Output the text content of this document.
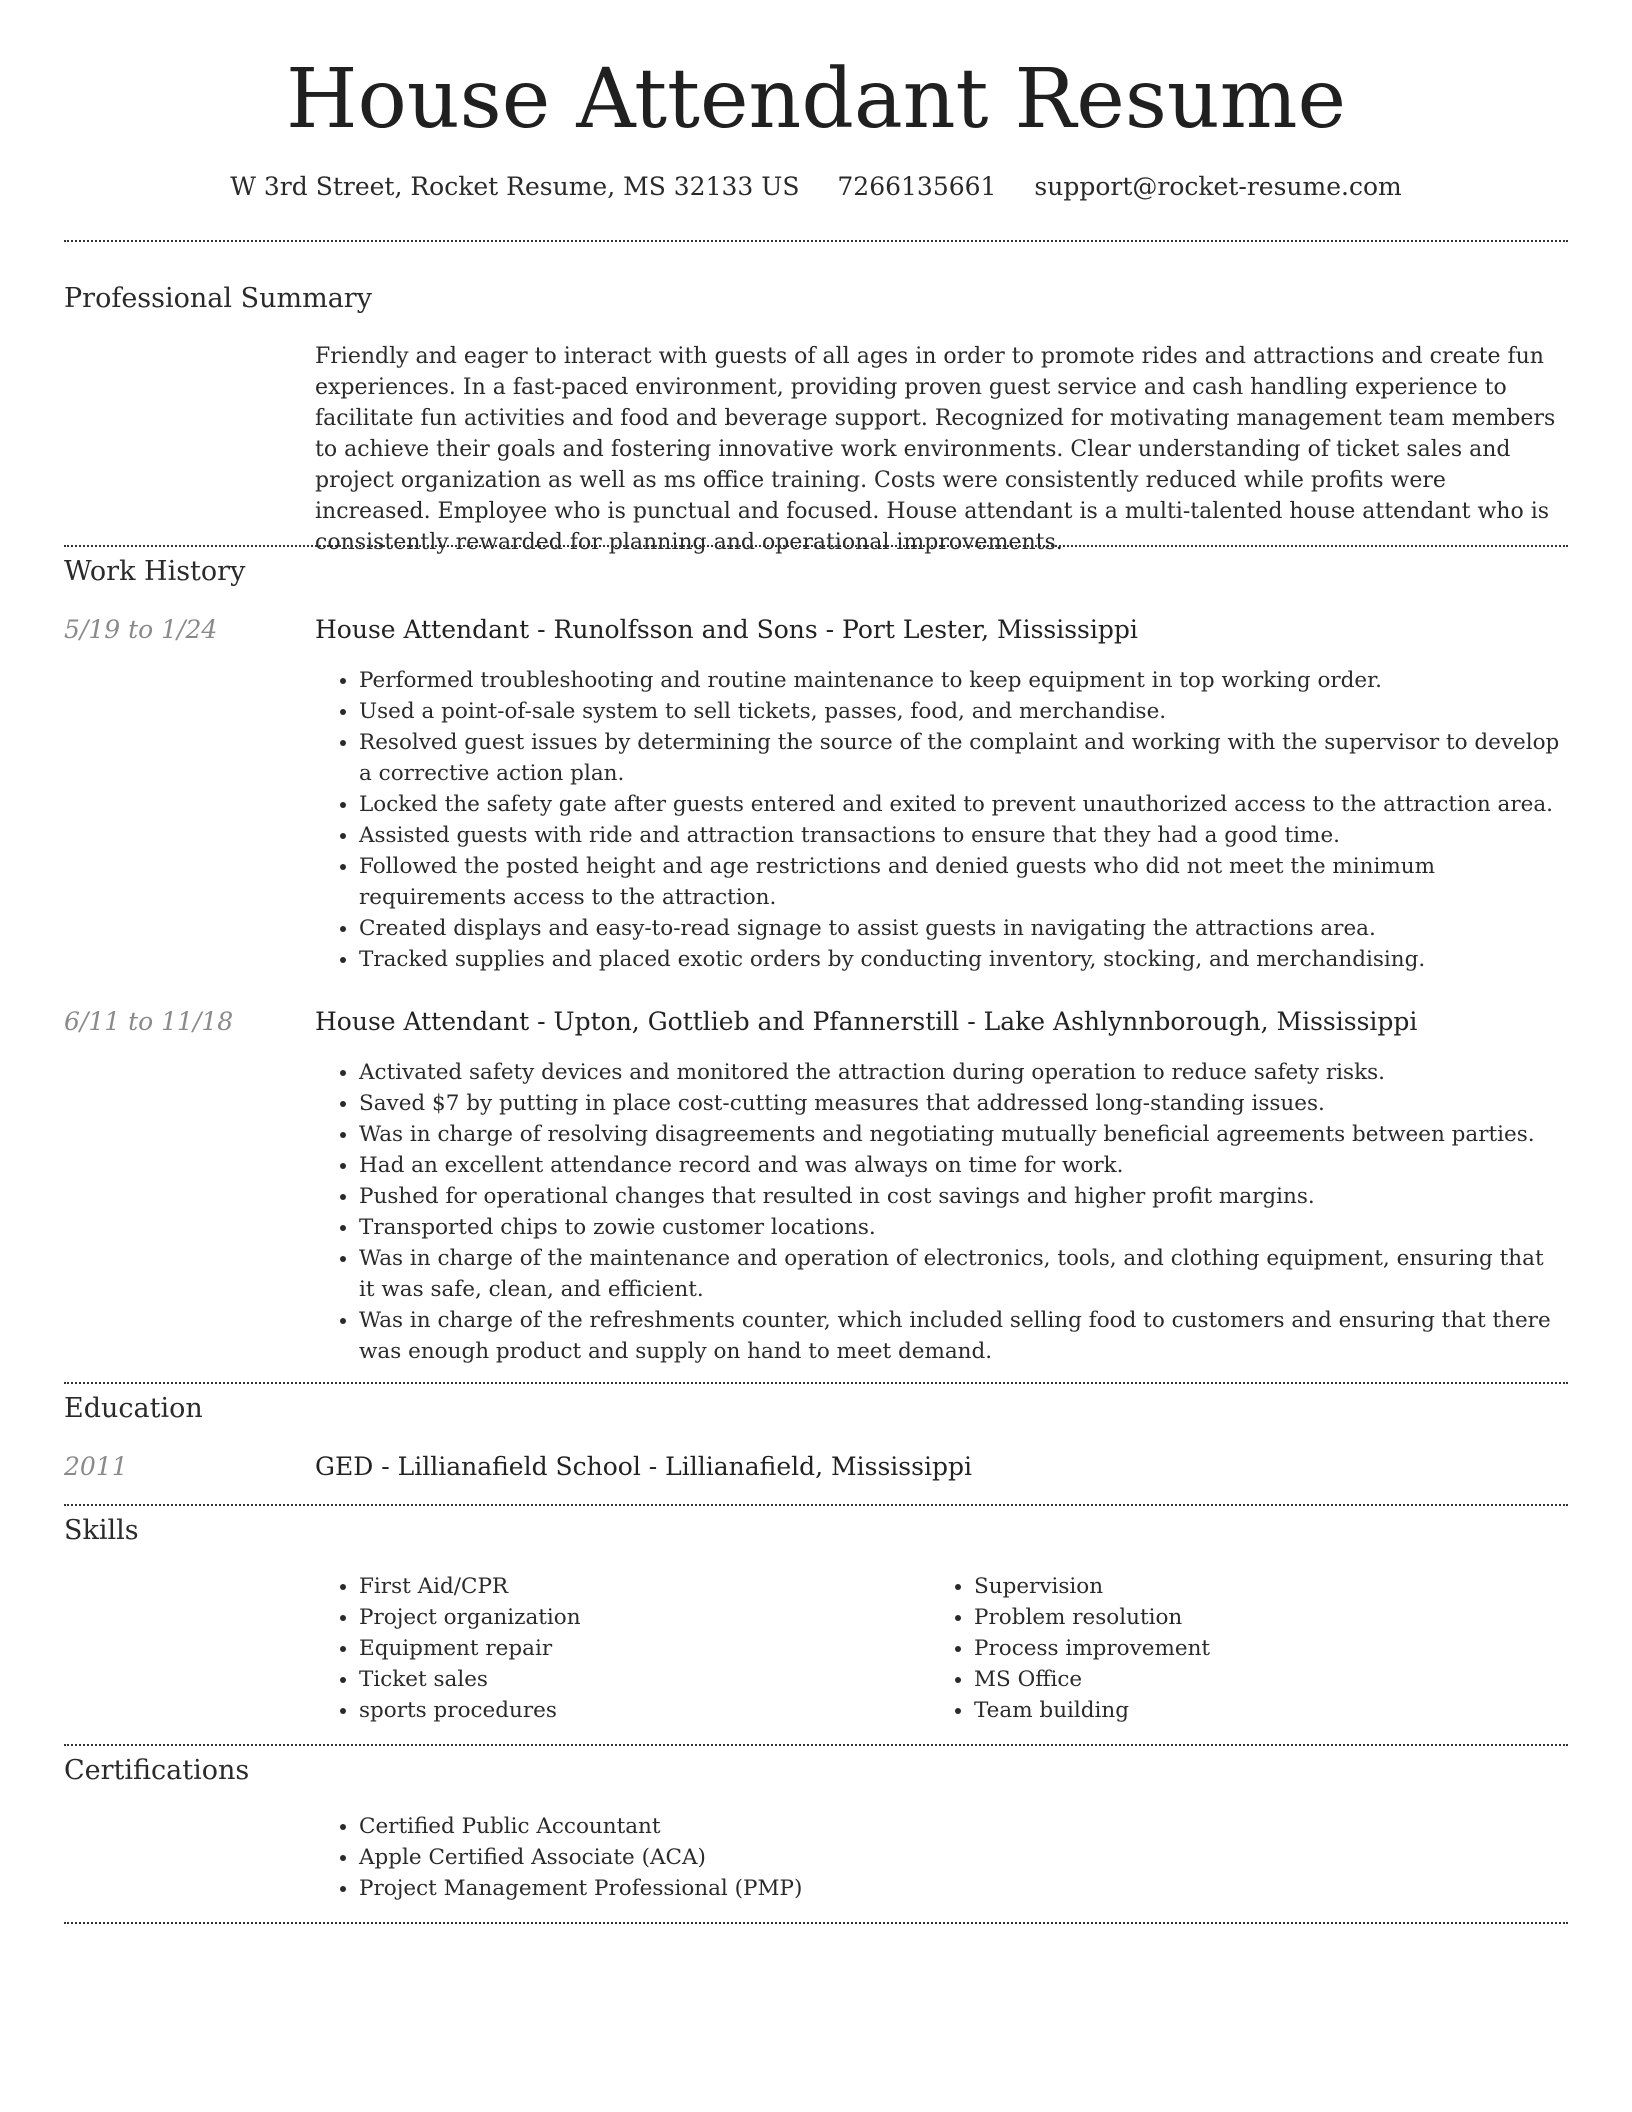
House Attendant Resume
W 3rd Street, Rocket Resume, MS 32133 US 7266135661 support@rocket-resume.com
Professional Summary
Friendly and eager to interact with guests of all ages in order to promote rides and attractions and create fun experiences. In a fast-paced environment, providing proven guest service and cash handling experience to facilitate fun activities and food and beverage support. Recognized for motivating management team members to achieve their goals and fostering innovative work environments. Clear understanding of ticket sales and project organization as well as ms office training. Costs were consistently reduced while profits were increased. Employee who is punctual and focused. House attendant is a multi-talented house attendant who is consistently rewarded for planning and operational improvements.
Work History
5/19 to 1/24	House Attendant - Runolfsson and Sons - Port Lester, Mississippi
• Performed troubleshooting and routine maintenance to keep equipment in top working order.
• Used a point-of-sale system to sell tickets, passes, food, and merchandise.
• Resolved guest issues by determining the source of the complaint and working with the supervisor to develop a corrective action plan.
• Locked the safety gate after guests entered and exited to prevent unauthorized access to the attraction area.
• Assisted guests with ride and attraction transactions to ensure that they had a good time.
• Followed the posted height and age restrictions and denied guests who did not meet the minimum requirements access to the attraction.
• Created displays and easy-to-read signage to assist guests in navigating the attractions area.
• Tracked supplies and placed exotic orders by conducting inventory, stocking, and merchandising.
6/11 to 11/18	House Attendant - Upton, Gottlieb and Pfannerstill - Lake Ashlynnborough, Mississippi
• Activated safety devices and monitored the attraction during operation to reduce safety risks.
• Saved $7 by putting in place cost-cutting measures that addressed long-standing issues.
• Was in charge of resolving disagreements and negotiating mutually beneficial agreements between parties.
• Had an excellent attendance record and was always on time for work.
• Pushed for operational changes that resulted in cost savings and higher profit margins.
• Transported chips to zowie customer locations.
• Was in charge of the maintenance and operation of electronics, tools, and clothing equipment, ensuring that it was safe, clean, and efficient.
• Was in charge of the refreshments counter, which included selling food to customers and ensuring that there was enough product and supply on hand to meet demand.
Education
2011	GED - Lillianafield School - Lillianafield, Mississippi
Skills
• First Aid/CPR
• Project organization
• Equipment repair
• Ticket sales
• sports procedures
• Supervision
• Problem resolution
• Process improvement
• MS Office
• Team building
Certifications
• Certified Public Accountant
• Apple Certified Associate (ACA)
• Project Management Professional (PMP)
